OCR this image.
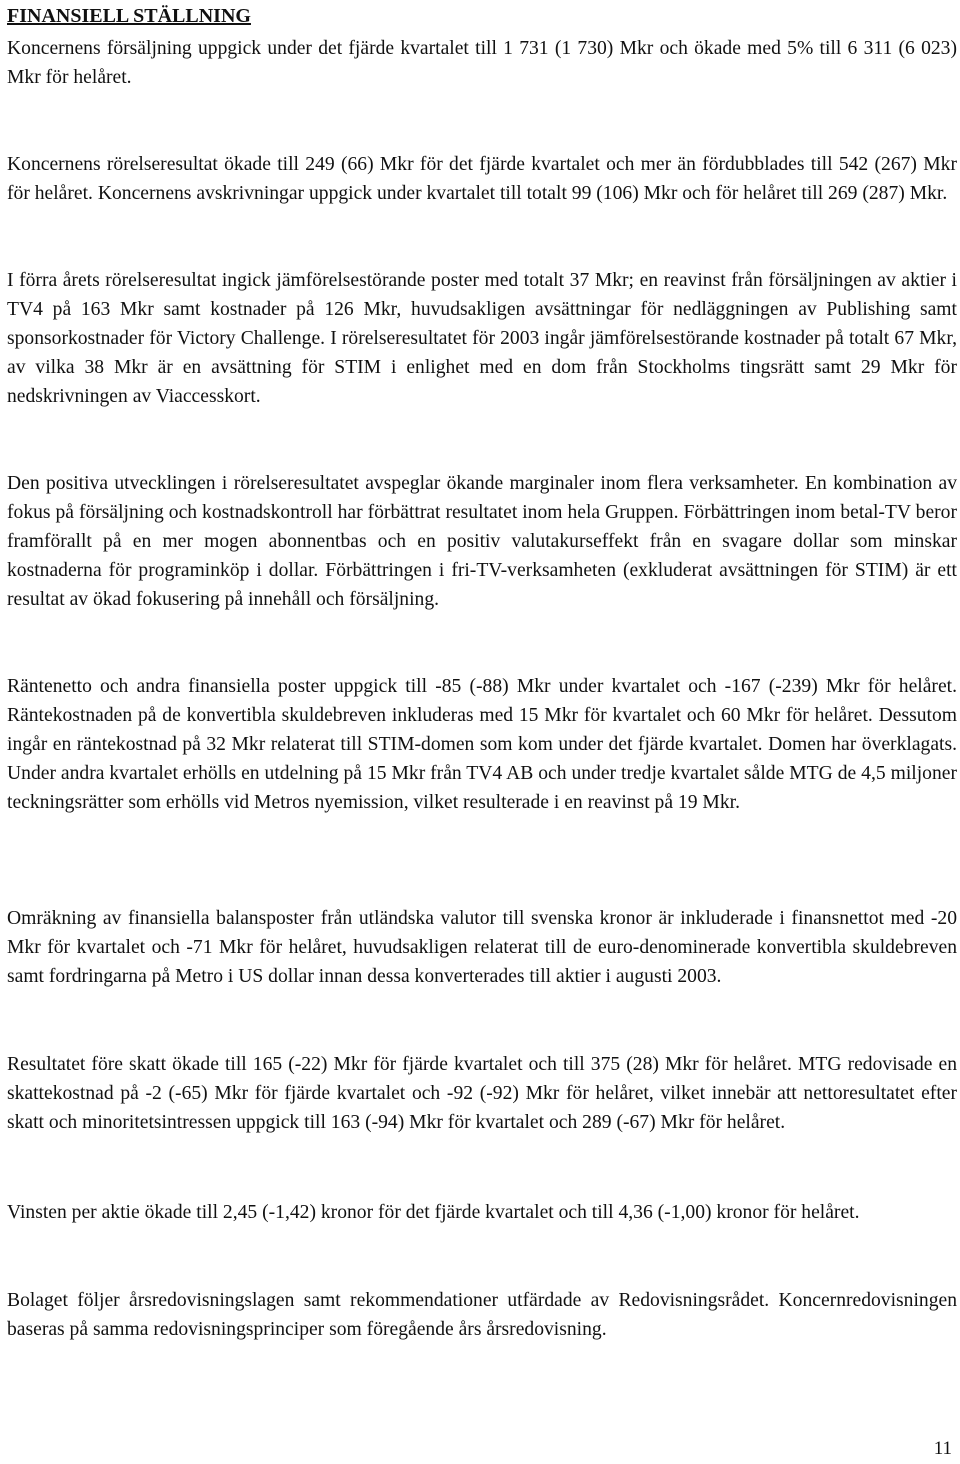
FINANSIELL STÄLLNING

Koncernens försäljning uppgick under det fjärde kvartalet till 1 731 (1 730) Mkr och ökade med 5% till 6 311 (6 023) Mkr för helåret.

Koncernens rörelseresultat ökade till 249 (66) Mkr för det fjärde kvartalet och mer än fördubblades till 542 (267) Mkr för helåret. Koncernens avskrivningar uppgick under kvartalet till totalt 99 (106) Mkr och för helåret till 269 (287) Mkr.

I förra årets rörelseresultat ingick jämförelsestörande poster med totalt 37 Mkr; en reavinst från försäljningen av aktier i TV4 på 163 Mkr samt kostnader på 126 Mkr, huvudsakligen avsättningar för nedläggningen av Publishing samt sponsorkostnader för Victory Challenge. I rörelseresultatet för 2003 ingår jämförelsestörande kostnader på totalt 67 Mkr, av vilka 38 Mkr är en avsättning för STIM i enlighet med en dom från Stockholms tingsrätt samt 29 Mkr för nedskrivningen av Viaccesskort.

Den positiva utvecklingen i rörelseresultatet avspeglar ökande marginaler inom flera verksamheter. En kombination av fokus på försäljning och kostnadskontroll har förbättrat resultatet inom hela Gruppen. Förbättringen inom betal-TV beror framförallt på en mer mogen abonnentbas och en positiv valutakurseffekt från en svagare dollar som minskar kostnaderna för programinköp i dollar. Förbättringen i fri-TV-verksamheten (exkluderat avsättningen för STIM) är ett resultat av ökad fokusering på innehåll och försäljning.

Räntenetto och andra finansiella poster uppgick till -85 (-88) Mkr under kvartalet och -167 (-239) Mkr för helåret. Räntekostnaden på de konvertibla skuldebreven inkluderas med 15 Mkr för kvartalet och 60 Mkr för helåret. Dessutom ingår en räntekostnad på 32 Mkr relaterat till STIM-domen som kom under det fjärde kvartalet. Domen har överklagats. Under andra kvartalet erhölls en utdelning på 15 Mkr från TV4 AB och under tredje kvartalet sålde MTG de 4,5 miljoner teckningsrätter som erhölls vid Metros nyemission, vilket resulterade i en reavinst på 19 Mkr.

Omräkning av finansiella balansposter från utländska valutor till svenska kronor är inkluderade i finansnettot med -20 Mkr för kvartalet och -71 Mkr för helåret, huvudsakligen relaterat till de euro-denominerade konvertibla skuldebreven samt fordringarna på Metro i US dollar innan dessa konverterades till aktier i augusti 2003.

Resultatet före skatt ökade till 165 (-22) Mkr för fjärde kvartalet och till 375 (28) Mkr för helåret. MTG redovisade en skattekostnad på -2 (-65) Mkr för fjärde kvartalet och -92 (-92) Mkr för helåret, vilket innebär att nettoresultatet efter skatt och minoritetsintressen uppgick till 163 (-94) Mkr för kvartalet och 289 (-67) Mkr för helåret.

Vinsten per aktie ökade till 2,45 (-1,42) kronor för det fjärde kvartalet och till 4,36 (-1,00) kronor för helåret.

Bolaget följer årsredovisningslagen samt rekommendationer utfärdade av Redovisningsrådet. Koncernredovisningen baseras på samma redovisningsprinciper som föregående års årsredovisning.

11
